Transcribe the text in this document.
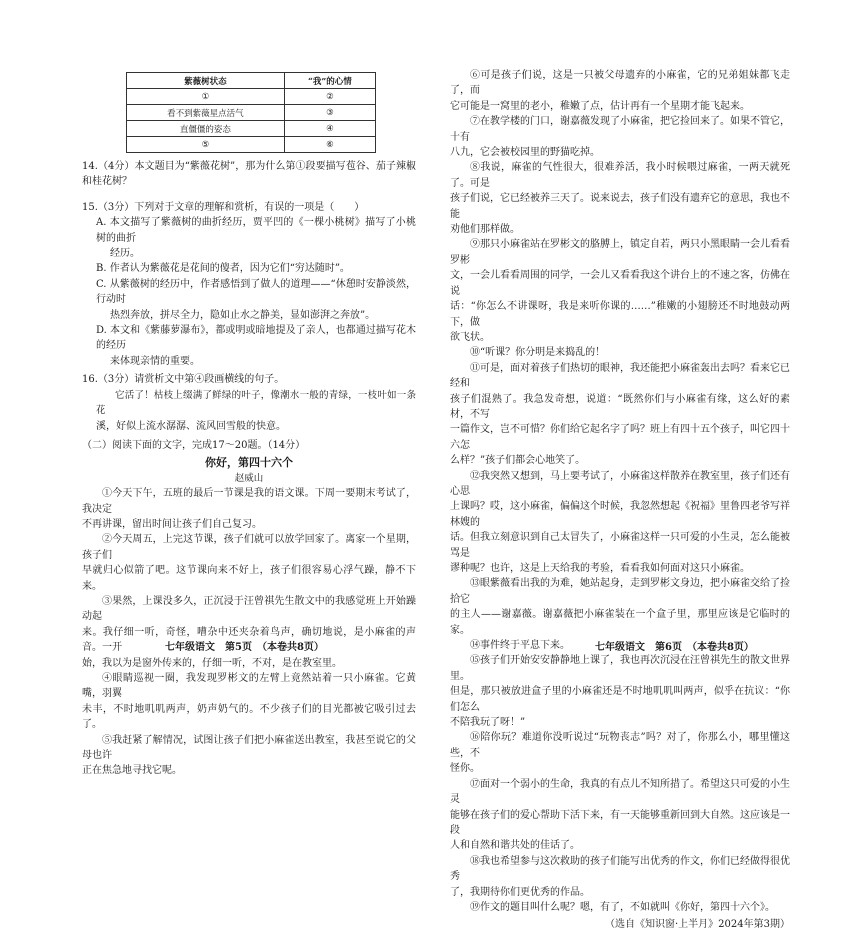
紫薇树状态	“我”的心情
①	②
看不到紫薇星点活气	③
直僵僵的姿态	④
⑤	⑥

14.（4分）本文题目为“紫薇花树”，那为什么第①段要描写苞谷、茄子辣椒和桂花树？

15.（3分）下列对于文章的理解和赏析，有误的一项是（　　）

A. 本文描写了紫薇树的曲折经历，贾平凹的《一棵小桃树》描写了小桃树的曲折

经历。

B. 作者认为紫薇花是花间的傻者，因为它们“穷达随时”。

C. 从紫薇树的经历中，作者感悟到了做人的道理——“休憩时安静淡然，行动时

热烈奔放，拼尽全力，隐如止水之静美，显如澎湃之奔放”。

D. 本文和《紫藤萝瀑布》，都或明或暗地提及了亲人，也都通过描写花木的经历

来体现亲情的重要。

16.（3分）请赏析文中第④段画横线的句子。

它活了！枯枝上缀满了鲜绿的叶子，像潮水一般的青绿，一枝叶如一条花

溪，好似上流水潺潺、流风回雪般的快意。

（二）阅读下面的文字，完成17～20题。（14分）

你好，第四十六个

赵威山

①今天下午，五班的最后一节课是我的语文课。下周一要期末考试了，我决定

不再讲课，留出时间让孩子们自己复习。

②今天周五，上完这节课，孩子们就可以放学回家了。离家一个星期，孩子们

早就归心似箭了吧。这节课向来不好上，孩子们很容易心浮气躁，静不下来。

③果然，上课没多久，正沉浸于汪曾祺先生散文中的我感觉班上开始躁动起

来。我仔细一听，奇怪，嘈杂中还夹杂着鸟声，确切地说，是小麻雀的声音。一开

始，我以为是窗外传来的，仔细一听，不对，是在教室里。

④眼睛巡视一圈，我发现罗彬文的左臂上竟然站着一只小麻雀。它黄嘴，羽翼

未丰，不时地叽叽两声，奶声奶气的。不少孩子们的目光都被它吸引过去了。

⑤我赶紧了解情况，试图让孩子们把小麻雀送出教室，我甚至说它的父母也许

正在焦急地寻找它呢。

七年级语文　第5页　（本卷共8页）

⑥可是孩子们说，这是一只被父母遗弃的小麻雀，它的兄弟姐妹都飞走了，而

它可能是一窝里的老小，稚嫩了点，估计再有一个星期才能飞起来。

⑦在教学楼的门口，谢嘉薇发现了小麻雀，把它捡回来了。如果不管它，十有

八九，它会被校园里的野猫吃掉。

⑧我说，麻雀的气性很大，很难养活，我小时候喂过麻雀，一两天就死了。可是

孩子们说，它已经被养三天了。说来说去，孩子们没有遗弃它的意思，我也不能

劝他们那样做。

⑨那只小麻雀站在罗彬文的胳膊上，镇定自若，两只小黑眼睛一会儿看看罗彬

文，一会儿看看周围的同学，一会儿又看看我这个讲台上的不速之客，仿佛在说

话：“你怎么不讲课呀，我是来听你课的……”稚嫩的小翅膀还不时地鼓动两下，做

欲飞状。

⑩“听课？你分明是来捣乱的！

⑪可是，面对着孩子们热切的眼神，我还能把小麻雀轰出去吗？看来它已经和

孩子们混熟了。我急发奇想，说道：“既然你们与小麻雀有缘，这么好的素材，不写

一篇作文，岂不可惜？你们给它起名字了吗？班上有四十五个孩子，叫它四十六怎

么样？”孩子们都会心地笑了。

⑫我突然又想到，马上要考试了，小麻雀这样散养在教室里，孩子们还有心思

上课吗？哎，这小麻雀，偏偏这个时候，我忽然想起《祝福》里鲁四老爷写祥林嫂的

话。但我立刻意识到自己太冒失了，小麻雀这样一只可爱的小生灵，怎么能被骂是

谬种呢？也许，这是上天给我的考验，看看我如何面对这只小麻雀。

⑬眼紫薇看出我的为难，她站起身，走到罗彬文身边，把小麻雀交给了捡拾它

的主人——谢嘉薇。谢嘉薇把小麻雀装在一个盒子里，那里应该是它临时的家。

⑭事件终于平息下来。

⑮孩子们开始安安静静地上课了，我也再次沉浸在汪曾祺先生的散文世界里。

但是，那只被放进盒子里的小麻雀还是不时地叽叽叫两声，似乎在抗议：“你们怎么

不陪我玩了呀！”

⑯陪你玩？难道你没听说过“玩物丧志”吗？对了，你那么小，哪里懂这些，不

怪你。

⑰面对一个弱小的生命，我真的有点儿不知所措了。希望这只可爱的小生灵

能够在孩子们的爱心帮助下活下来，有一天能够重新回到大自然。这应该是一段

人和自然和谐共处的佳话了。

⑱我也希望参与这次救助的孩子们能写出优秀的作文，你们已经做得很优秀

了，我期待你们更优秀的作品。

⑲作文的题目叫什么呢？嗯，有了，不如就叫《你好，第四十六个》。

（选自《知识窗·上半月》2024年第3期）

七年级语文　第6页　（本卷共8页）
